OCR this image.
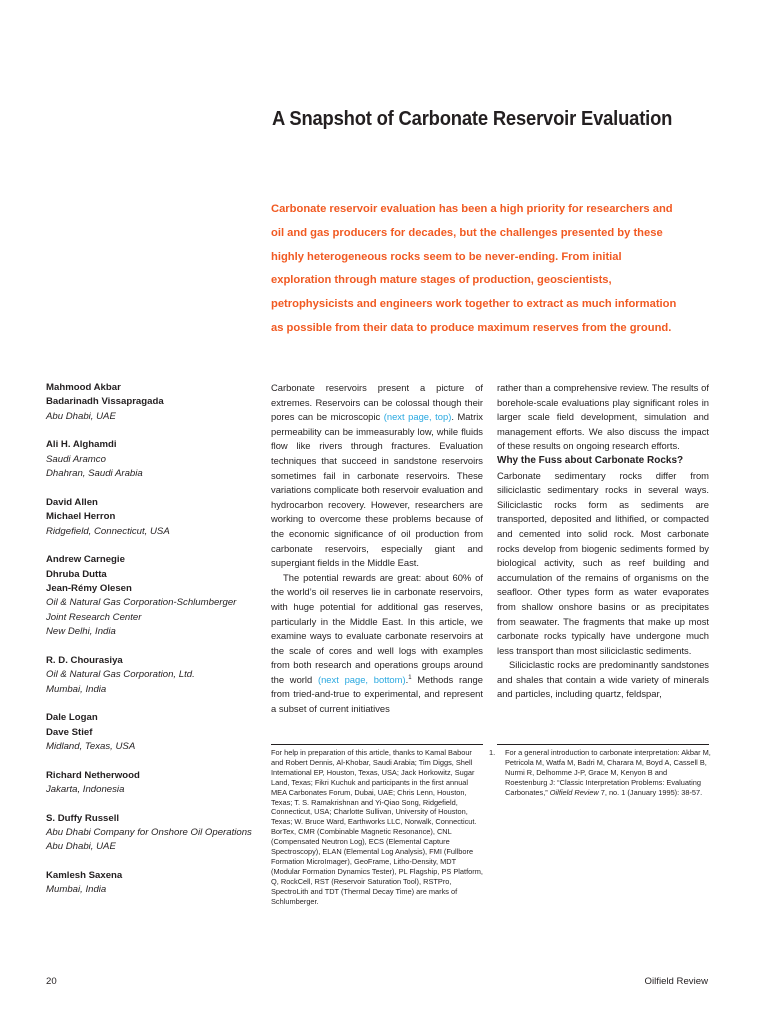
A Snapshot of Carbonate Reservoir Evaluation

Carbonate reservoir evaluation has been a high priority for researchers and oil and gas producers for decades, but the challenges presented by these highly heterogeneous rocks seem to be never-ending. From initial exploration through mature stages of production, geoscientists, petrophysicists and engineers work together to extract as much information as possible from their data to produce maximum reserves from the ground.

Mahmood Akbar
Badarinadh Vissapragada
Abu Dhabi, UAE
Ali H. Alghamdi
Saudi Aramco
Dhahran, Saudi Arabia
David Allen
Michael Herron
Ridgefield, Connecticut, USA
Andrew Carnegie
Dhruba Dutta
Jean-Rémy Olesen
Oil & Natural Gas Corporation-Schlumberger
Joint Research Center
New Delhi, India
R. D. Chourasiya
Oil & Natural Gas Corporation, Ltd.
Mumbai, India
Dale Logan
Dave Stief
Midland, Texas, USA
Richard Netherwood
Jakarta, Indonesia
S. Duffy Russell
Abu Dhabi Company for Onshore Oil Operations
Abu Dhabi, UAE
Kamlesh Saxena
Mumbai, India

Carbonate reservoirs present a picture of extremes. Reservoirs can be colossal though their pores can be microscopic (next page, top). Matrix permeability can be immeasurably low, while fluids flow like rivers through fractures. Evaluation techniques that succeed in sandstone reservoirs sometimes fail in carbonate reservoirs. These variations complicate both reservoir evaluation and hydrocarbon recovery. However, researchers are working to overcome these problems because of the economic significance of oil production from carbonate reservoirs, especially giant and supergiant fields in the Middle East.

The potential rewards are great: about 60% of the world’s oil reserves lie in carbonate reservoirs, with huge potential for additional gas reserves, particularly in the Middle East. In this article, we examine ways to evaluate carbonate reservoirs at the scale of cores and well logs with examples from both research and operations groups around the world (next page, bottom).$^1$ Methods range from tried-and-true to experimental, and represent a subset of current initiatives

rather than a comprehensive review. The results of borehole-scale evaluations play significant roles in larger scale field development, simulation and management efforts. We also discuss the impact of these results on ongoing research efforts.

Why the Fuss about Carbonate Rocks?

Carbonate sedimentary rocks differ from siliciclastic sedimentary rocks in several ways. Siliciclastic rocks form as sediments are transported, deposited and lithified, or compacted and cemented into solid rock. Most carbonate rocks develop from biogenic sediments formed by biological activity, such as reef building and accumulation of the remains of organisms on the seafloor. Other types form as water evaporates from shallow onshore basins or as precipitates from seawater. The fragments that make up most carbonate rocks typically have undergone much less transport than most siliciclastic sediments.

Siliciclastic rocks are predominantly sandstones and shales that contain a wide variety of minerals and particles, including quartz, feldspar,

For help in preparation of this article, thanks to Kamal Babour and Robert Dennis, Al-Khobar, Saudi Arabia; Tim Diggs, Shell International EP, Houston, Texas, USA; Jack Horkowitz, Sugar Land, Texas; Fikri Kuchuk and participants in the first annual MEA Carbonates Forum, Dubai, UAE; Chris Lenn, Houston, Texas; T. S. Ramakrishnan and Yi-Qiao Song, Ridgefield, Connecticut, USA; Charlotte Sullivan, University of Houston, Texas; W. Bruce Ward, Earthworks LLC, Norwalk, Connecticut.

BorTex, CMR (Combinable Magnetic Resonance), CNL (Compensated Neutron Log), ECS (Elemental Capture Spectroscopy), ELAN (Elemental Log Analysis), FMI (Fullbore Formation MicroImager), GeoFrame, Litho-Density, MDT (Modular Formation Dynamics Tester), PL Flagship, PS Platform, Q, RockCell, RST (Reservoir Saturation Tool), RSTPro, SpectroLith and TDT (Thermal Decay Time) are marks of Schlumberger.

1. For a general introduction to carbonate interpretation: Akbar M, Petricola M, Watfa M, Badri M, Charara M, Boyd A, Cassell B, Nurmi R, Delhomme J-P, Grace M, Kenyon B and Roestenburg J: “Classic Interpretation Problems: Evaluating Carbonates,” Oilfield Review 7, no. 1 (January 1995): 38-57.

20	Oilfield Review
